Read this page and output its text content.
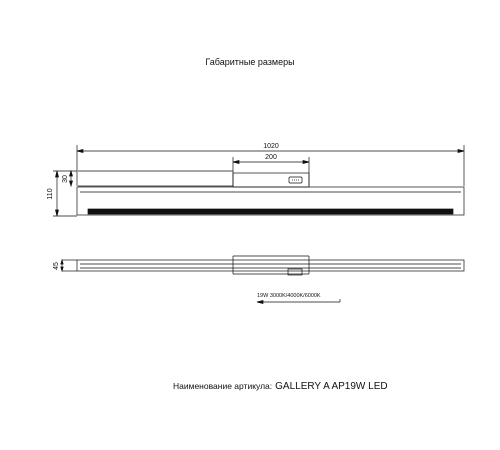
Габаритные размеры
1020
200
110
30
45
19W 3000K/4000K/6000K
Наименование артикула: GALLERY A AP19W LED
